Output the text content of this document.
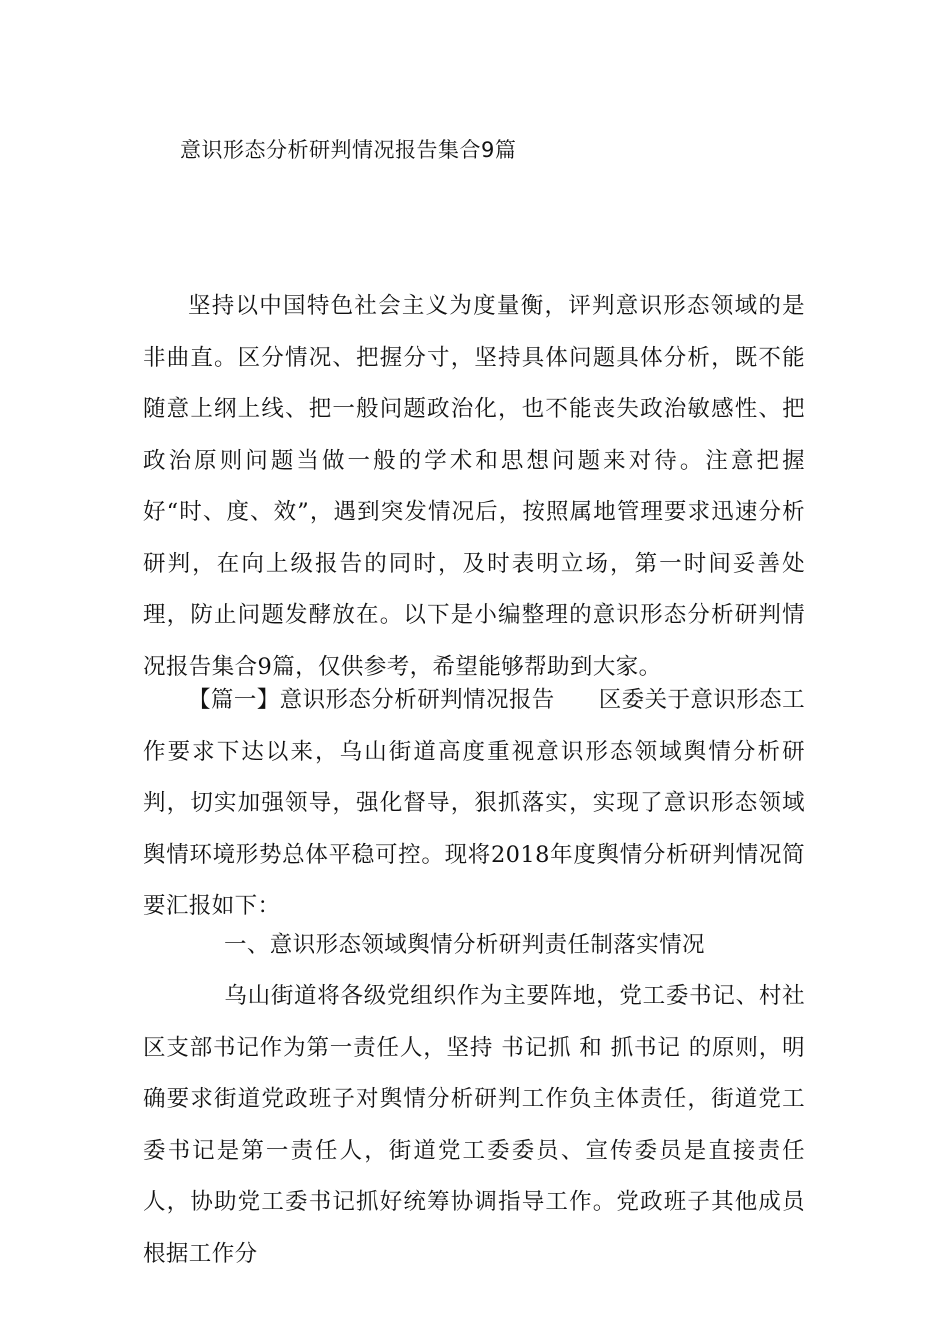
意识形态分析研判情况报告集合9篇

坚持以中国特色社会主义为度量衡，评判意识形态领域的是非曲直。区分情况、把握分寸，坚持具体问题具体分析，既不能随意上纲上线、把一般问题政治化，也不能丧失政治敏感性、把政治原则问题当做一般的学术和思想问题来对待。注意把握好“时、度、效”，遇到突发情况后，按照属地管理要求迅速分析研判，在向上级报告的同时，及时表明立场，第一时间妥善处理，防止问题发酵放在。以下是小编整理的意识形态分析研判情况报告集合9篇，仅供参考，希望能够帮助到大家。

【篇一】意识形态分析研判情况报告 区委关于意识形态工作要求下达以来，乌山街道高度重视意识形态领域舆情分析研判，切实加强领导，强化督导，狠抓落实，实现了意识形态领域舆情环境形势总体平稳可控。现将2018年度舆情分析研判情况简要汇报如下：

一、意识形态领域舆情分析研判责任制落实情况

乌山街道将各级党组织作为主要阵地，党工委书记、村社区支部书记作为第一责任人，坚持 书记抓 和 抓书记 的原则，明确要求街道党政班子对舆情分析研判工作负主体责任，街道党工委书记是第一责任人，街道党工委委员、宣传委员是直接责任人，协助党工委书记抓好统筹协调指导工作。党政班子其他成员根据工作分
